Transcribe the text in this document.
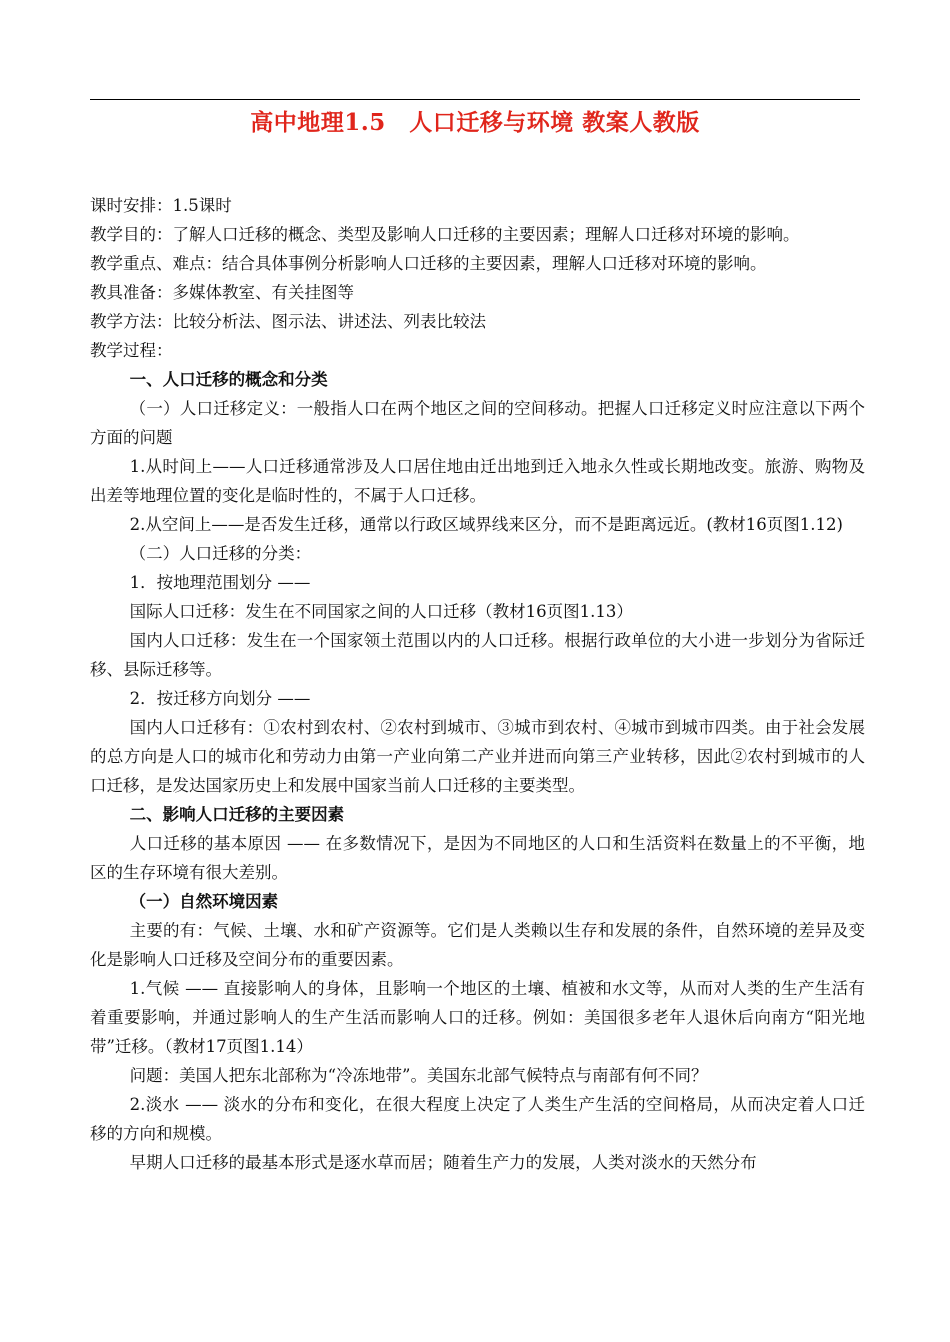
高中地理1.5　人口迁移与环境 教案人教版

课时安排：1.5课时

教学目的：了解人口迁移的概念、类型及影响人口迁移的主要因素；理解人口迁移对环境的影响。

教学重点、难点：结合具体事例分析影响人口迁移的主要因素，理解人口迁移对环境的影响。

教具准备：多媒体教室、有关挂图等

教学方法：比较分析法、图示法、讲述法、列表比较法

教学过程：

一、人口迁移的概念和分类

（一）人口迁移定义：一般指人口在两个地区之间的空间移动。把握人口迁移定义时应注意以下两个方面的问题

1.从时间上——人口迁移通常涉及人口居住地由迁出地到迁入地永久性或长期地改变。旅游、购物及出差等地理位置的变化是临时性的，不属于人口迁移。

2.从空间上——是否发生迁移，通常以行政区域界线来区分，而不是距离远近。(教材16页图1.12)

（二）人口迁移的分类：

1．按地理范围划分 ——

国际人口迁移：发生在不同国家之间的人口迁移（教材16页图1.13）

国内人口迁移：发生在一个国家领土范围以内的人口迁移。根据行政单位的大小进一步划分为省际迁移、县际迁移等。

2．按迁移方向划分 ——

国内人口迁移有：①农村到农村、②农村到城市、③城市到农村、④城市到城市四类。由于社会发展的总方向是人口的城市化和劳动力由第一产业向第二产业并进而向第三产业转移，因此②农村到城市的人口迁移，是发达国家历史上和发展中国家当前人口迁移的主要类型。

二、影响人口迁移的主要因素

人口迁移的基本原因 —— 在多数情况下，是因为不同地区的人口和生活资料在数量上的不平衡，地区的生存环境有很大差别。

（一）自然环境因素

主要的有：气候、土壤、水和矿产资源等。它们是人类赖以生存和发展的条件，自然环境的差异及变化是影响人口迁移及空间分布的重要因素。

1.气候 —— 直接影响人的身体，且影响一个地区的土壤、植被和水文等，从而对人类的生产生活有着重要影响，并通过影响人的生产生活而影响人口的迁移。例如：美国很多老年人退休后向南方“阳光地带”迁移。（教材17页图1.14）

问题：美国人把东北部称为“冷冻地带”。美国东北部气候特点与南部有何不同？

2.淡水 —— 淡水的分布和变化，在很大程度上决定了人类生产生活的空间格局，从而决定着人口迁移的方向和规模。

早期人口迁移的最基本形式是逐水草而居；随着生产力的发展，人类对淡水的天然分布
